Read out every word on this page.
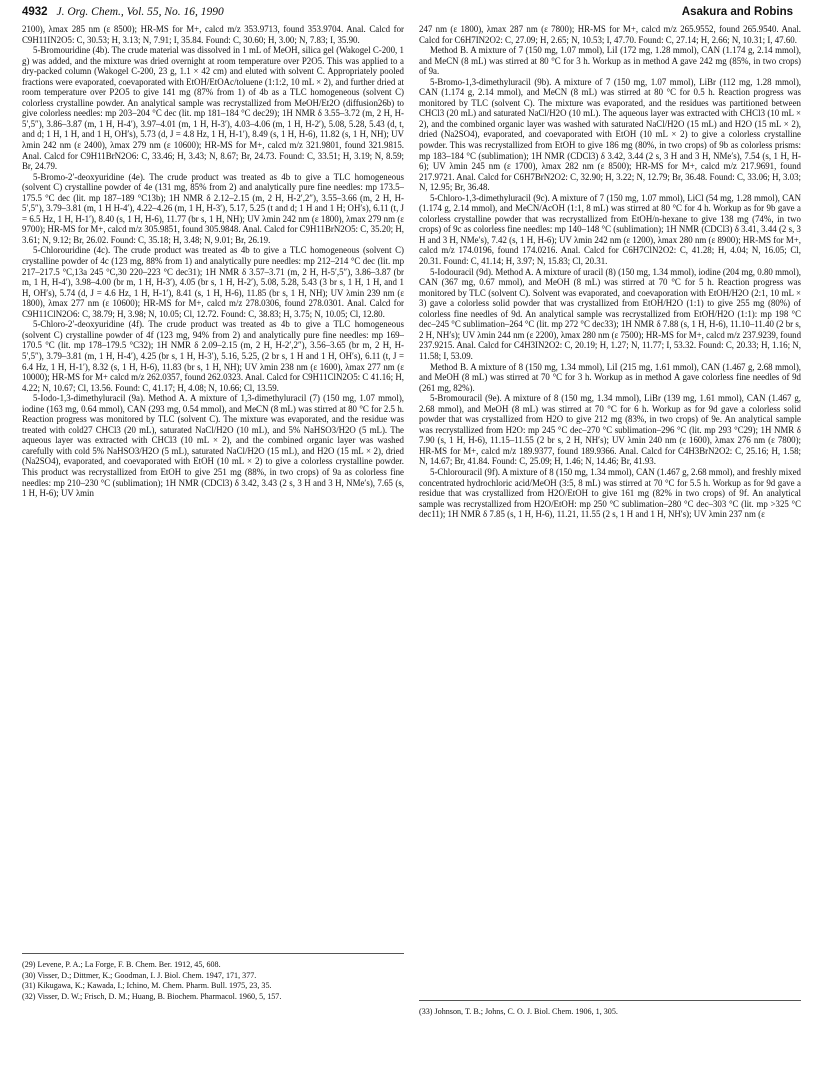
4932 J. Org. Chem., Vol. 55, No. 16, 1990	Asakura and Robins

2100), λmax 285 nm (ε 8500); HR-MS for M+, calcd m/z 353.9713, found 353.9704. Anal. Calcd for C9H11IN2O5: C, 30.53; H, 3.13; N, 7.91; I, 35.84. Found: C, 30.60; H, 3.00; N, 7.83; I, 35.90.

5-Bromouridine (4b). The crude material was dissolved in 1 mL of MeOH, silica gel (Wakogel C-200, 1 g) was added, and the mixture was dried overnight at room temperature over P2O5. This was applied to a dry-packed column (Wakogel C-200, 23 g, 1.1 × 42 cm) and eluted with solvent C. Appropriately pooled fractions were evaporated, coevaporated with EtOH/EtOAc/toluene (1:1:2, 10 mL × 2), and further dried at room temperature over P2O5 to give 141 mg (87% from 1) of 4b as a TLC homogeneous (solvent C) colorless crystalline powder. An analytical sample was recrystallized from MeOH/Et2O (diffusion26b) to give colorless needles: mp 203–204 °C dec (lit. mp 181–184 °C dec29); 1H NMR δ 3.55–3.72 (m, 2 H, H-5′,5″), 3.86–3.87 (m, 1 H, H-4′), 3.97–4.01 (m, 1 H, H-3′), 4.03–4.06 (m, 1 H, H-2′), 5.08, 5.28, 5.43 (d, t, and d; 1 H, 1 H, and 1 H, OH′s), 5.73 (d, J = 4.8 Hz, 1 H, H-1′), 8.49 (s, 1 H, H-6), 11.82 (s, 1 H, NH); UV λmin 242 nm (ε 2400), λmax 279 nm (ε 10600); HR-MS for M+, calcd m/z 321.9801, found 321.9815. Anal. Calcd for C9H11BrN2O6: C, 33.46; H, 3.43; N, 8.67; Br, 24.73. Found: C, 33.51; H, 3.19; N, 8.59; Br, 24.79.

5-Bromo-2′-deoxyuridine (4e). The crude product was treated as 4b to give a TLC homogeneous (solvent C) crystalline powder of 4e (131 mg, 85% from 2) and analytically pure fine needles: mp 173.5–175.5 °C dec (lit. mp 187–189 °C13b); 1H NMR δ 2.12–2.15 (m, 2 H, H-2′,2″), 3.55–3.66 (m, 2 H, H-5′,5″), 3.79–3.81 (m, 1 H H-4′), 4.22–4.26 (m, 1 H, H-3′), 5.17, 5.25 (t and d; 1 H and 1 H; OH′s), 6.11 (t, J = 6.5 Hz, 1 H, H-1′), 8.40 (s, 1 H, H-6), 11.77 (br s, 1 H, NH); UV λmin 242 nm (ε 1800), λmax 279 nm (ε 9700); HR-MS for M+, calcd m/z 305.9851, found 305.9848. Anal. Calcd for C9H11BrN2O5: C, 35.20; H, 3.61; N, 9.12; Br, 26.02. Found: C, 35.18; H, 3.48; N, 9.01; Br, 26.19.

5-Chlorouridine (4c). The crude product was treated as 4b to give a TLC homogeneous (solvent C) crystalline powder of 4c (123 mg, 88% from 1) and analytically pure needles: mp 212–214 °C dec (lit. mp 217–217.5 °C,13a 245 °C,30 220–223 °C dec31); 1H NMR δ 3.57–3.71 (m, 2 H, H-5′,5″), 3.86–3.87 (br m, 1 H, H-4′), 3.98–4.00 (br m, 1 H, H-3′), 4.05 (br s, 1 H, H-2′), 5.08, 5.28, 5.43 (3 br s, 1 H, 1 H, and 1 H, OH′s), 5.74 (d, J = 4.6 Hz, 1 H, H-1′), 8.41 (s, 1 H, H-6), 11.85 (br s, 1 H, NH); UV λmin 239 nm (ε 1800), λmax 277 nm (ε 10600); HR-MS for M+, calcd m/z 278.0306, found 278.0301. Anal. Calcd for C9H11ClN2O6: C, 38.79; H, 3.98; N, 10.05; Cl, 12.72. Found: C, 38.83; H, 3.75; N, 10.05; Cl, 12.80.

5-Chloro-2′-deoxyuridine (4f). The crude product was treated as 4b to give a TLC homogeneous (solvent C) crystalline powder of 4f (123 mg, 94% from 2) and analytically pure fine needles: mp 169–170.5 °C (lit. mp 178–179.5 °C32); 1H NMR δ 2.09–2.15 (m, 2 H, H-2′,2″), 3.56–3.65 (br m, 2 H, H-5′,5″), 3.79–3.81 (m, 1 H, H-4′), 4.25 (br s, 1 H, H-3′), 5.16, 5.25, (2 br s, 1 H and 1 H, OH′s), 6.11 (t, J = 6.4 Hz, 1 H, H-1′), 8.32 (s, 1 H, H-6), 11.83 (br s, 1 H, NH); UV λmin 238 nm (ε 1600), λmax 277 nm (ε 10000); HR-MS for M+ calcd m/z 262.0357, found 262.0323. Anal. Calcd for C9H11ClN2O5: C 41.16; H, 4.22; N, 10.67; Cl, 13.56. Found: C, 41.17; H, 4.08; N, 10.66; Cl, 13.59.

5-Iodo-1,3-dimethyluracil (9a). Method A. A mixture of 1,3-dimethyluracil (7) (150 mg, 1.07 mmol), iodine (163 mg, 0.64 mmol), CAN (293 mg, 0.54 mmol), and MeCN (8 mL) was stirred at 80 °C for 2.5 h. Reaction progress was monitored by TLC (solvent C). The mixture was evaporated, and the residue was treated with cold27 CHCl3 (20 mL), saturated NaCl/H2O (10 mL), and 5% NaHSO3/H2O (5 mL). The aqueous layer was extracted with CHCl3 (10 mL × 2), and the combined organic layer was washed carefully with cold 5% NaHSO3/H2O (5 mL), saturated NaCl/H2O (15 mL), and H2O (15 mL × 2), dried (Na2SO4), evaporated, and coevaporated with EtOH (10 mL × 2) to give a colorless crystalline powder. This product was recrystallized from EtOH to give 251 mg (88%, in two crops) of 9a as colorless fine needles: mp 210–230 °C (sublimation); 1H NMR (CDCl3) δ 3.42, 3.43 (2 s, 3 H and 3 H, NMe′s), 7.65 (s, 1 H, H-6); UV λmin

(29) Levene, P. A.; La Forge, F. B. Chem. Ber. 1912, 45, 608.

(30) Visser, D.; Dittmer, K.; Goodman, I. J. Biol. Chem. 1947, 171, 377.

(31) Kikugawa, K.; Kawada, I.; Ichino, M. Chem. Pharm. Bull. 1975, 23, 35.

(32) Visser, D. W.; Frisch, D. M.; Huang, B. Biochem. Pharmacol. 1960, 5, 157.

247 nm (ε 1800), λmax 287 nm (ε 7800); HR-MS for M+, calcd m/z 265.9552, found 265.9540. Anal. Calcd for C6H7IN2O2: C, 27.09; H, 2.65; N, 10.53; I, 47.70. Found: C, 27.14; H, 2.66; N, 10.31; I, 47.60.

Method B. A mixture of 7 (150 mg, 1.07 mmol), LiI (172 mg, 1.28 mmol), CAN (1.174 g, 2.14 mmol), and MeCN (8 mL) was stirred at 80 °C for 3 h. Workup as in method A gave 242 mg (85%, in two crops) of 9a.

5-Bromo-1,3-dimethyluracil (9b). A mixture of 7 (150 mg, 1.07 mmol), LiBr (112 mg, 1.28 mmol), CAN (1.174 g, 2.14 mmol), and MeCN (8 mL) was stirred at 80 °C for 0.5 h. Reaction progress was monitored by TLC (solvent C). The mixture was evaporated, and the residues was partitioned between CHCl3 (20 mL) and saturated NaCl/H2O (10 mL). The aqueous layer was extracted with CHCl3 (10 mL × 2), and the combined organic layer was washed with saturated NaCl/H2O (15 mL) and H2O (15 mL × 2), dried (Na2SO4), evaporated, and coevaporated with EtOH (10 mL × 2) to give a colorless crystalline powder. This was recrystallized from EtOH to give 186 mg (80%, in two crops) of 9b as colorless prisms: mp 183–184 °C (sublimation); 1H NMR (CDCl3) δ 3.42, 3.44 (2 s, 3 H and 3 H, NMe′s), 7.54 (s, 1 H, H-6); UV λmin 245 nm (ε 1700), λmax 282 nm (ε 8500); HR-MS for M+, calcd m/z 217.9691, found 217.9721. Anal. Calcd for C6H7BrN2O2: C, 32.90; H, 3.22; N, 12.79; Br, 36.48. Found: C, 33.06; H, 3.03; N, 12.95; Br, 36.48.

5-Chloro-1,3-dimethyluracil (9c). A mixture of 7 (150 mg, 1.07 mmol), LiCl (54 mg, 1.28 mmol), CAN (1.174 g, 2.14 mmol), and MeCN/AcOH (1:1, 8 mL) was stirred at 80 °C for 4 h. Workup as for 9b gave a colorless crystalline powder that was recrystallized from EtOH/n-hexane to give 138 mg (74%, in two crops) of 9c as colorless fine needles: mp 140–148 °C (sublimation); 1H NMR (CDCl3) δ 3.41, 3.44 (2 s, 3 H and 3 H, NMe′s), 7.42 (s, 1 H, H-6); UV λmin 242 nm (ε 1200), λmax 280 nm (ε 8900); HR-MS for M+, calcd m/z 174.0196, found 174.0216. Anal. Calcd for C6H7ClN2O2: C, 41.28; H, 4.04; N, 16.05; Cl, 20.31. Found: C, 41.14; H, 3.97; N, 15.83; Cl, 20.31.

5-Iodouracil (9d). Method A. A mixture of uracil (8) (150 mg, 1.34 mmol), iodine (204 mg, 0.80 mmol), CAN (367 mg, 0.67 mmol), and MeOH (8 mL) was stirred at 70 °C for 5 h. Reaction progress was monitored by TLC (solvent C). Solvent was evaporated, and coevaporation with EtOH/H2O (2:1, 10 mL × 3) gave a colorless solid powder that was crystallized from EtOH/H2O (1:1) to give 255 mg (80%) of colorless fine needles of 9d. An analytical sample was recrystallized from EtOH/H2O (1:1): mp 198 °C dec–245 °C sublimation–264 °C (lit. mp 272 °C dec33); 1H NMR δ 7.88 (s, 1 H, H-6), 11.10–11.40 (2 br s, 2 H, NH′s); UV λmin 244 nm (ε 2200), λmax 280 nm (ε 7500); HR-MS for M+, calcd m/z 237.9239, found 237.9215. Anal. Calcd for C4H3IN2O2: C, 20.19; H, 1.27; N, 11.77; I, 53.32. Found: C, 20.33; H, 1.16; N, 11.58; I, 53.09.

Method B. A mixture of 8 (150 mg, 1.34 mmol), LiI (215 mg, 1.61 mmol), CAN (1.467 g, 2.68 mmol), and MeOH (8 mL) was stirred at 70 °C for 3 h. Workup as in method A gave colorless fine needles of 9d (261 mg, 82%).

5-Bromouracil (9e). A mixture of 8 (150 mg, 1.34 mmol), LiBr (139 mg, 1.61 mmol), CAN (1.467 g, 2.68 mmol), and MeOH (8 mL) was stirred at 70 °C for 6 h. Workup as for 9d gave a colorless solid powder that was crystallized from H2O to give 212 mg (83%, in two crops) of 9e. An analytical sample was recrystallized from H2O: mp 245 °C dec–270 °C sublimation–296 °C (lit. mp 293 °C29); 1H NMR δ 7.90 (s, 1 H, H-6), 11.15–11.55 (2 br s, 2 H, NH′s); UV λmin 240 nm (ε 1600), λmax 276 nm (ε 7800); HR-MS for M+, calcd m/z 189.9377, found 189.9366. Anal. Calcd for C4H3BrN2O2: C, 25.16; H, 1.58; N, 14.67; Br, 41.84. Found: C, 25.09; H, 1.46; N, 14.46; Br, 41.93.

5-Chlorouracil (9f). A mixture of 8 (150 mg, 1.34 mmol), CAN (1.467 g, 2.68 mmol), and freshly mixed concentrated hydrochloric acid/MeOH (3:5, 8 mL) was stirred at 70 °C for 5.5 h. Workup as for 9d gave a residue that was crystallized from H2O/EtOH to give 161 mg (82% in two crops) of 9f. An analytical sample was recrystallized from H2O/EtOH: mp 250 °C sublimation–280 °C dec–303 °C (lit. mp >325 °C dec11); 1H NMR δ 7.85 (s, 1 H, H-6), 11.21, 11.55 (2 s, 1 H and 1 H, NH′s); UV λmin 237 nm (ε

(33) Johnson, T. B.; Johns, C. O. J. Biol. Chem. 1906, 1, 305.
